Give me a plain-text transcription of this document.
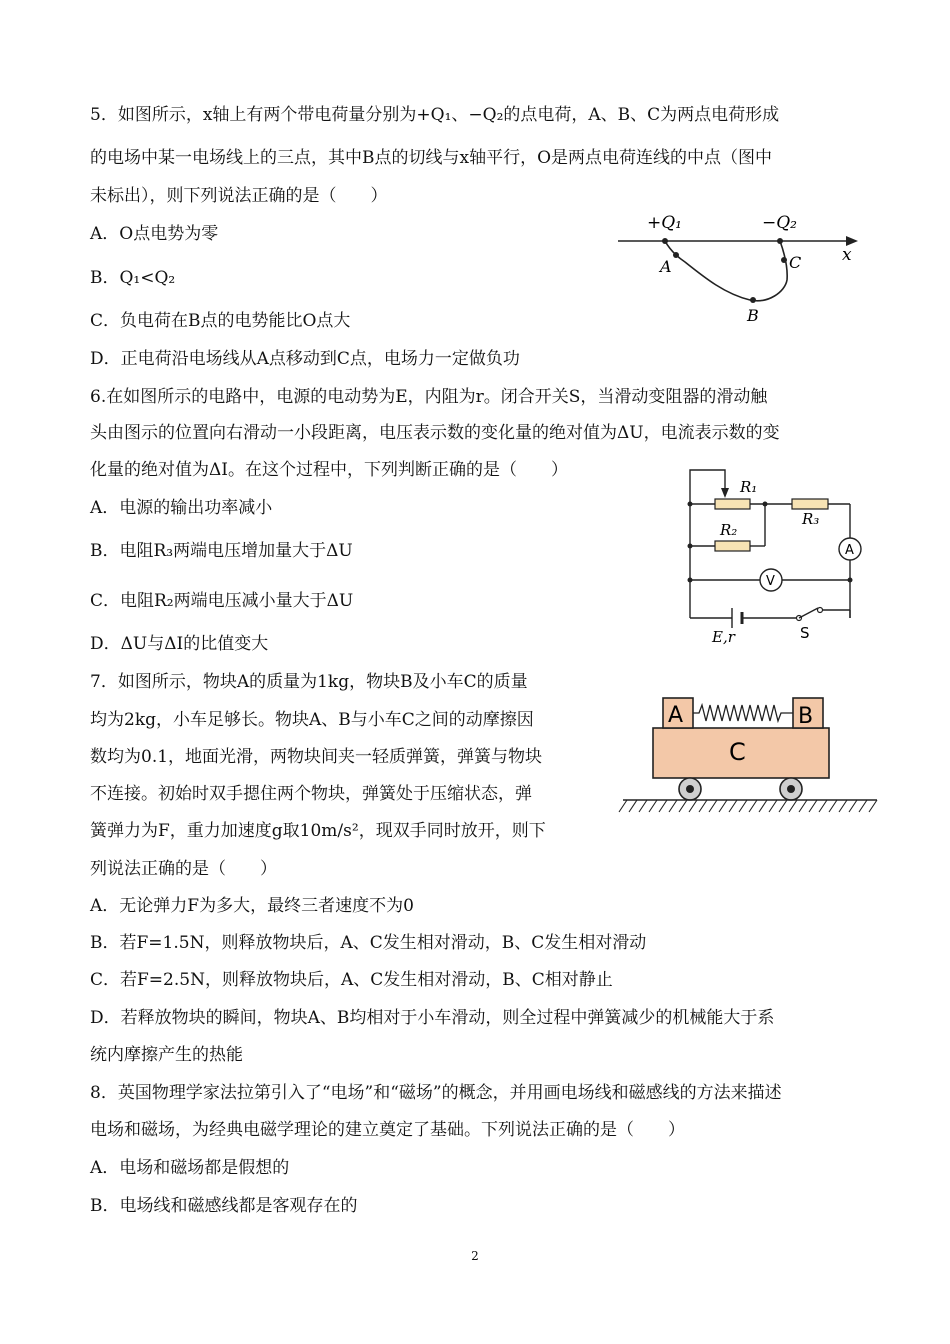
5．如图所示，x轴上有两个带电荷量分别为+Q₁、−Q₂的点电荷，A、B、C为两点电荷形成
的电场中某一电场线上的三点，其中B点的切线与x轴平行，O是两点电荷连线的中点（图中
未标出），则下列说法正确的是（　　）
A．O点电势为零
B．Q₁<Q₂
C．负电荷在B点的电势能比O点大
D．正电荷沿电场线从A点移动到C点，电场力一定做负功
+Q₁	−Q₂
x
A
B
C
6.在如图所示的电路中，电源的电动势为E，内阻为r。闭合开关S，当滑动变阻器的滑动触
头由图示的位置向右滑动一小段距离，电压表示数的变化量的绝对值为ΔU，电流表示数的变
化量的绝对值为ΔI。在这个过程中，下列判断正确的是（　　）
A．电源的输出功率减小
B．电阻R₃两端电压增加量大于ΔU
C．电阻R₂两端电压减小量大于ΔU
D．ΔU与ΔI的比值变大
A
V
R₁
R₂
R₃
E,r	S
7．如图所示，物块A的质量为1kg，物块B及小车C的质量
均为2kg，小车足够长。物块A、B与小车C之间的动摩擦因
数均为0.1，地面光滑，两物块间夹一轻质弹簧，弹簧与物块
不连接。初始时双手摁住两个物块，弹簧处于压缩状态，弹
簧弹力为F，重力加速度g取10m/s²，现双手同时放开，则下
列说法正确的是（　　）
A．无论弹力F为多大，最终三者速度不为0
B．若F=1.5N，则释放物块后，A、C发生相对滑动，B、C发生相对滑动
C．若F=2.5N，则释放物块后，A、C发生相对滑动，B、C相对静止
D．若释放物块的瞬间，物块A、B均相对于小车滑动，则全过程中弹簧减少的机械能大于系
统内摩擦产生的热能
A	B
C
8．英国物理学家法拉第引入了“电场”和“磁场”的概念，并用画电场线和磁感线的方法来描述
电场和磁场，为经典电磁学理论的建立奠定了基础。下列说法正确的是（　　）
A．电场和磁场都是假想的
B．电场线和磁感线都是客观存在的
2
